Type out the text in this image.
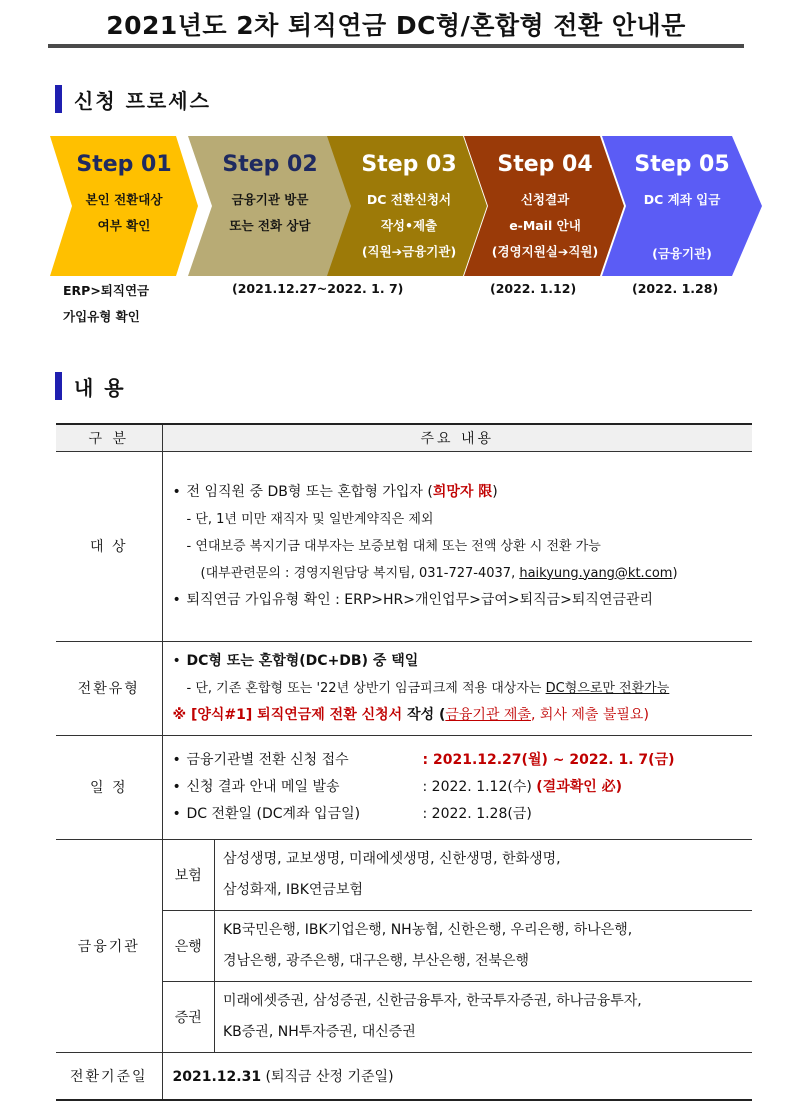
2021년도 2차 퇴직연금 DC형/혼합형 전환 안내문
신청 프로세스
Step 01
본인 전환대상
여부 확인
Step 02
금융기관 방문
또는 전화 상담
Step 03
DC 전환신청서
작성•제출
(직원➔금융기관)
Step 04
신청결과
e-Mail 안내
(경영지원실➔직원)
Step 05
DC 계좌 입금
(금융기관)
ERP>퇴직연금
가입유형 확인
(2021.12.27~2022. 1. 7)	(2022. 1.12)	(2022. 1.28)
내 용
구 분	주요 내용
대 상	
• 전 임직원 중 DB형 또는 혼합형 가입자 (희망자 限)
- 단, 1년 미만 재직자 및 일반계약직은 제외
- 연대보증 복지기금 대부자는 보증보험 대체 또는 전액 상환 시 전환 가능
(대부관련문의 : 경영지원담당 복지팀, 031-727-4037, haikyung.yang@kt.com)
• 퇴직연금 가입유형 확인 : ERP>HR>개인업무>급여>퇴직금>퇴직연금관리

전환유형	
• DC형 또는 혼합형(DC+DB) 중 택일
- 단, 기존 혼합형 또는 '22년 상반기 임금피크제 적용 대상자는 DC형으로만 전환가능
※ [양식#1] 퇴직연금제 전환 신청서 작성 (금융기관 제출, 회사 제출 불필요)

일 정	
• 금융기관별 전환 신청 접수	: 2021.12.27(월) ~ 2022. 1. 7(금)
• 신청 결과 안내 메일 발송	: 2022. 1.12(수) (결과확인 必)
• DC 전환일 (DC계좌 입금일)	: 2022. 1.28(금)

금융기관	
보험	
삼성생명, 교보생명, 미래에셋생명, 신한생명, 한화생명,
삼성화재, IBK연금보험

은행	
KB국민은행, IBK기업은행, NH농협, 신한은행, 우리은행, 하나은행,
경남은행, 광주은행, 대구은행, 부산은행, 전북은행

증권	
미래에셋증권, 삼성증권, 신한금융투자, 한국투자증권, 하나금융투자,
KB증권, NH투자증권, 대신증권

전환기준일	2021.12.31 (퇴직금 산정 기준일)
